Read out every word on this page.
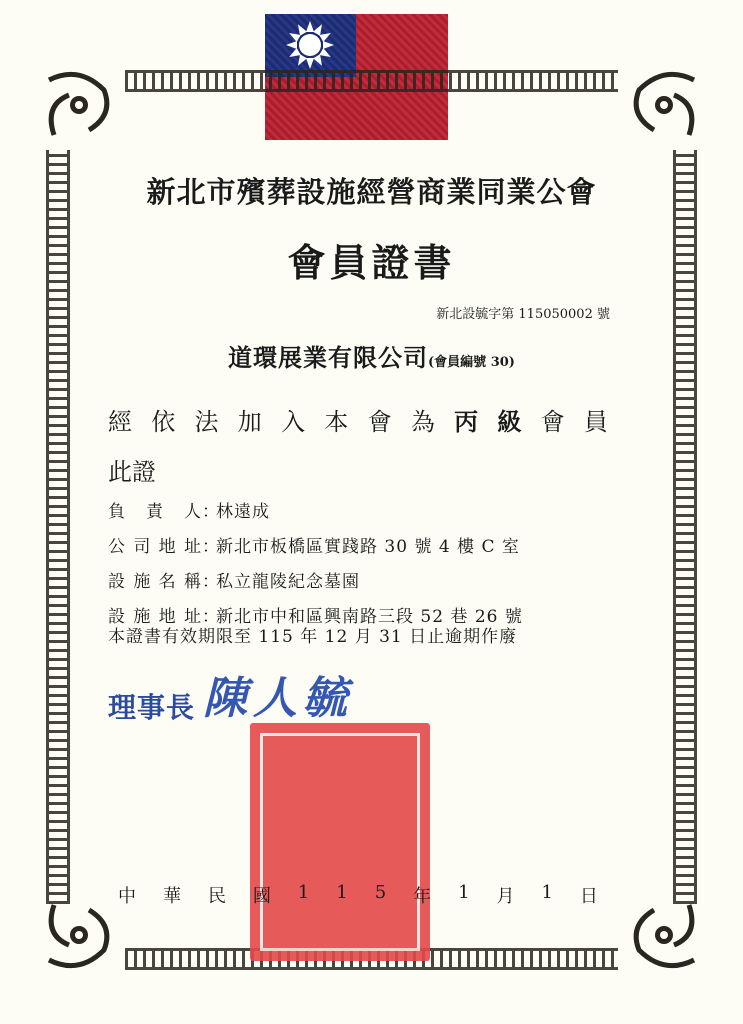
新北市殯葬設施經營商業同業公會
會員證書
新北設毓字第 115050002 號
道環展業有限公司(會員編號 30)
經 依 法 加 入 本 會 為 丙 級 會 員
此證
負 責 人 ：
林遠成
公 司 地 址 ：
新北市板橋區實踐路 30 號 4 樓 C 室
設 施 名 稱 ：
私立龍陵紀念墓園
設 施 地 址 ：
新北市中和區興南路三段 52 巷 26 號
本證書有效期限至 115 年 12 月 31 日止逾期作廢
理事長 陳人毓
中 華 民 國 1 1 5 年 1 月 1 日
